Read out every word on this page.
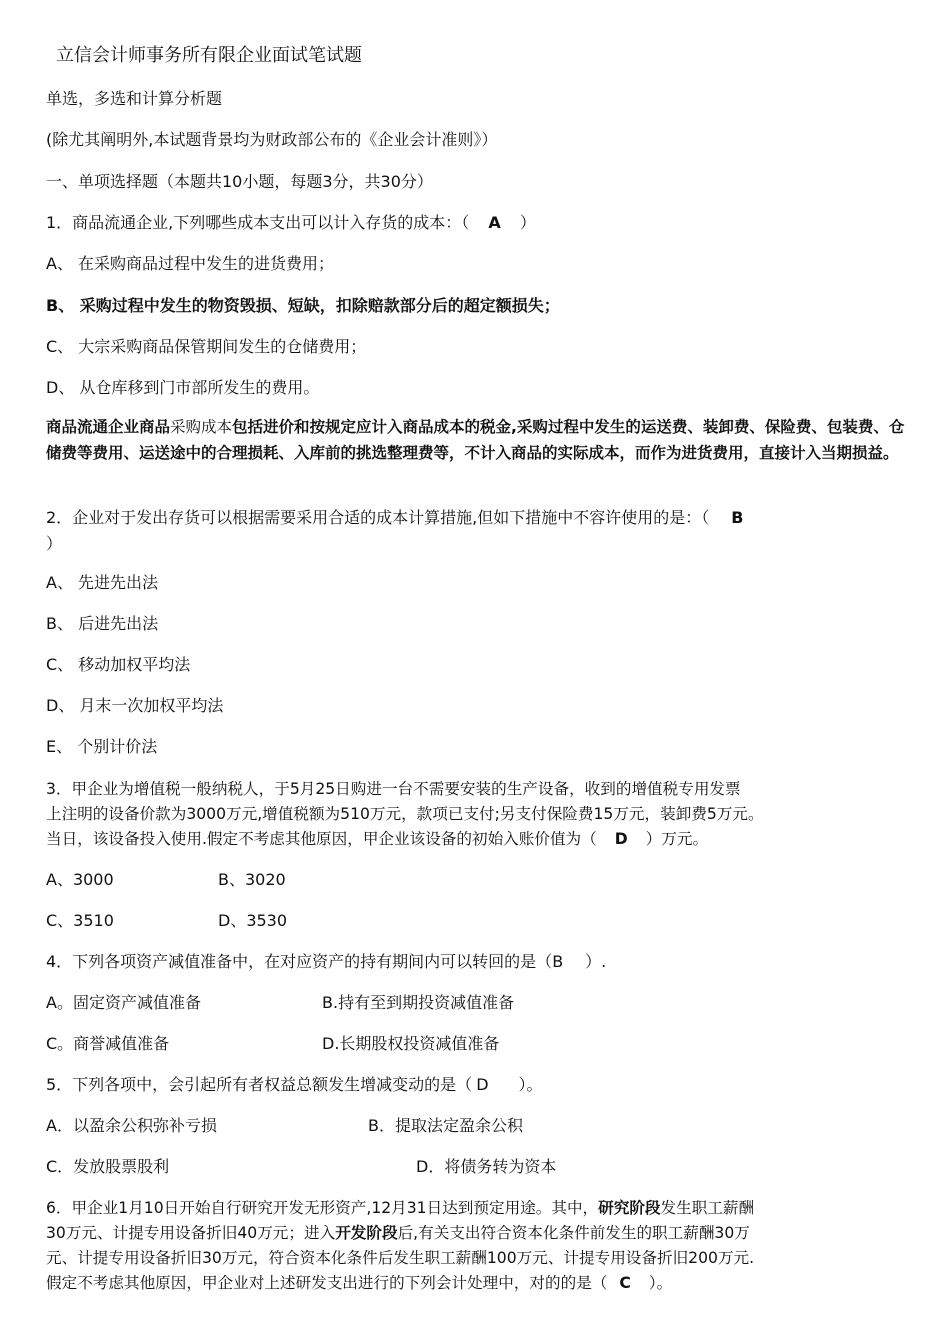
立信会计师事务所有限企业面试笔试题
单选，多选和计算分析题
(除尤其阐明外,本试题背景均为财政部公布的《企业会计准则》）
一、单项选择题（本题共10小题，每题3分，共30分）
1．商品流通企业,下列哪些成本支出可以计入存货的成本：（ A ）
A、 在采购商品过程中发生的进货费用；
B、 采购过程中发生的物资毁损、短缺，扣除赔款部分后的超定额损失；
C、 大宗采购商品保管期间发生的仓储费用；
D、 从仓库移到门市部所发生的费用。
商品流通企业商品采购成本包括进价和按规定应计入商品成本的税金,采购过程中发生的运送费、装卸费、保险费、包装费、仓储费等费用、运送途中的合理损耗、入库前的挑选整理费等，不计入商品的实际成本，而作为进货费用，直接计入当期损益。
2．企业对于发出存货可以根据需要采用合适的成本计算措施,但如下措施中不容许使用的是：（ B
）
A、 先进先出法
B、 后进先出法
C、 移动加权平均法
D、 月末一次加权平均法
E、 个别计价法
3．甲企业为增值税一般纳税人，于5月25日购进一台不需要安装的生产设备，收到的增值税专用发票
上注明的设备价款为3000万元,增值税额为510万元，款项已支付;另支付保险费15万元，装卸费5万元。
当日，该设备投入使用.假定不考虑其他原因，甲企业该设备的初始入账价值为（ D ）万元。
A、3000	B、3020
C、3510	D、3530
4．下列各项资产减值准备中，在对应资产的持有期间内可以转回的是（B ）.
A。固定资产减值准备	B.持有至到期投资减值准备
C。商誉减值准备	D.长期股权投资减值准备
5．下列各项中，会引起所有者权益总额发生增减变动的是（ D ）。
A．以盈余公积弥补亏损	B．提取法定盈余公积
C．发放股票股利	D．将债务转为资本
6．甲企业1月10日开始自行研究开发无形资产,12月31日达到预定用途。其中，研究阶段发生职工薪酬
30万元、计提专用设备折旧40万元；进入开发阶段后,有关支出符合资本化条件前发生的职工薪酬30万
元、计提专用设备折旧30万元，符合资本化条件后发生职工薪酬100万元、计提专用设备折旧200万元.
假定不考虑其他原因，甲企业对上述研发支出进行的下列会计处理中，对的的是（ C ）。
